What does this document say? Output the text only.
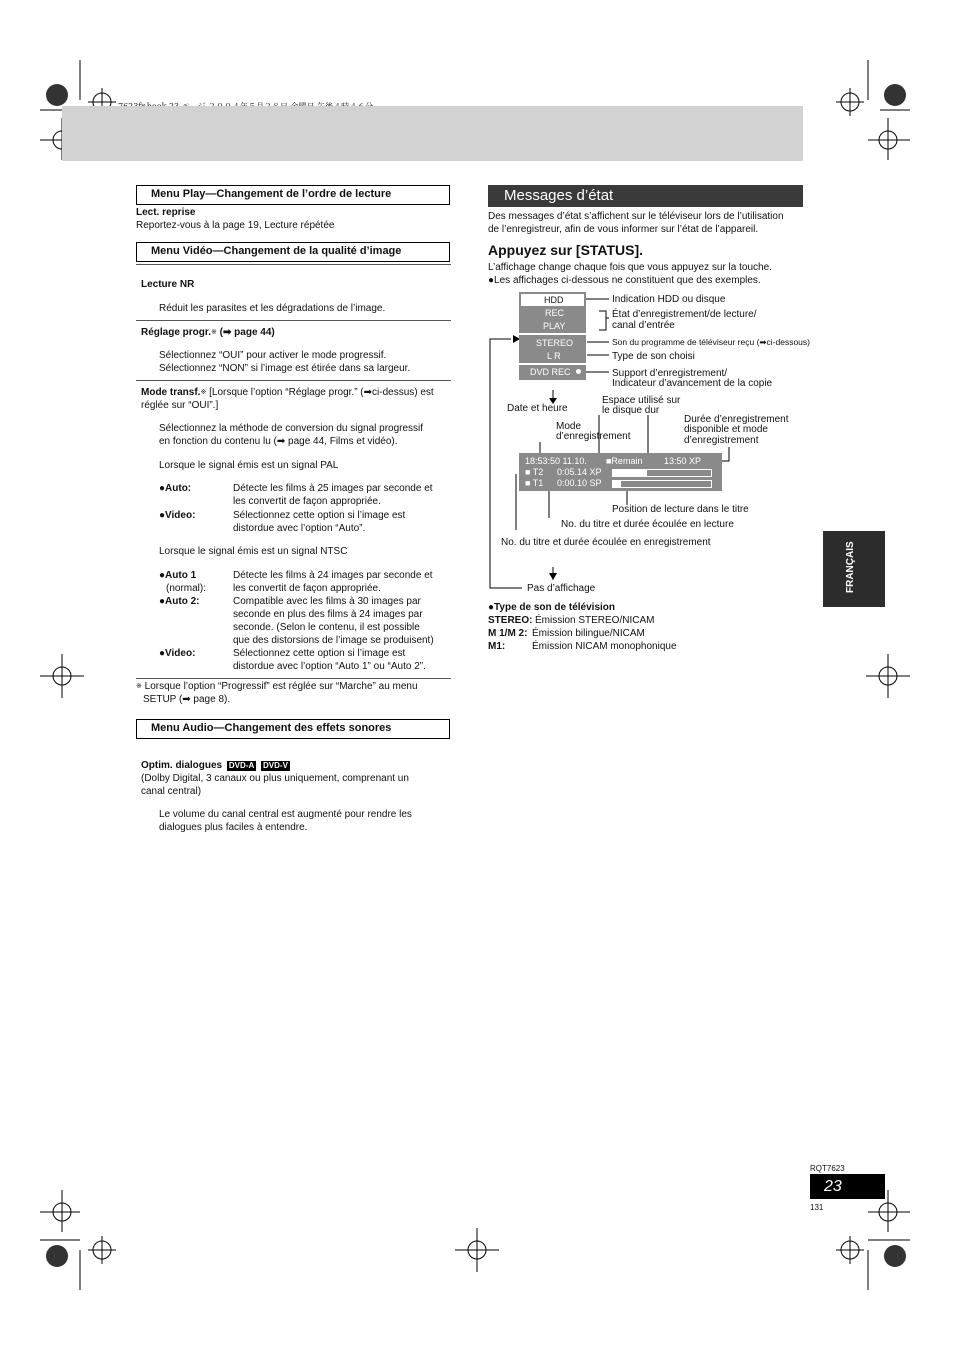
Menu Play—Changement de l’ordre de lecture
Lect. reprise
Reportez-vous à la page 19, Lecture répétée
Menu Vidéo—Changement de la qualité d’image
Lecture NR
Réduit les parasites et les dégradations de l’image.
Réglage progr.※ (➡ page 44)
Sélectionnez “OUI” pour activer le mode progressif.
Sélectionnez “NON” si l’image est étirée dans sa largeur.
Mode transf.※ [Lorsque l’option “Réglage progr.” (➡ci-dessus) est
réglée sur “OUI”.]
Sélectionnez la méthode de conversion du signal progressif
en fonction du contenu lu (➡ page 44, Films et vidéo).
Lorsque le signal émis est un signal PAL
●Auto:	Détecte les films à 25 images par seconde et
les convertit de façon appropriée.
●Video:	Sélectionnez cette option si l’image est
distordue avec l’option “Auto”.
Lorsque le signal émis est un signal NTSC
●Auto 1
(normal):
Détecte les films à 24 images par seconde et
les convertit de façon appropriée.
●Auto 2:	Compatible avec les films à 30 images par
seconde en plus des films à 24 images par
seconde. (Selon le contenu, il est possible
que des distorsions de l’image se produisent)
●Video:	Sélectionnez cette option si l’image est
distordue avec l’option “Auto 1” ou “Auto 2”.
※ Lorsque l’option “Progressif” est réglée sur “Marche” au menu
SETUP (➡ page 8).
Menu Audio—Changement des effets sonores
Optim. dialogues DVD-A DVD-V
(Dolby Digital, 3 canaux ou plus uniquement, comprenant un
canal central)
Le volume du canal central est augmenté pour rendre les
dialogues plus faciles à entendre.
Messages d’état
Des messages d’état s’affichent sur le téléviseur lors de l’utilisation
de l’enregistreur, afin de vous informer sur l’état de l’appareil.
Appuyez sur [STATUS].
L’affichage change chaque fois que vous appuyez sur la touche.
●Les affichages ci-dessous ne constituent que des exemples.
HDD
REC
PLAY
STEREO
L R
DVD REC
18:53:50 11.10. ■Remain 13:50 XP
■ T2 0:05.14 XP
■ T1 0:00.10 SP
Indication HDD ou disque
État d’enregistrement/de lecture/
canal d’entrée
Son du programme de téléviseur reçu (➡ci-dessous)
Type de son choisi
Support d’enregistrement/
Indicateur d’avancement de la copie
Espace utilisé sur
le disque dur
Date et heure
Durée d’enregistrement
disponible et mode
d’enregistrement
Mode
d’enregistrement
Position de lecture dans le titre
No. du titre et durée écoulée en lecture
No. du titre et durée écoulée en enregistrement
Pas d’affichage
●Type de son de télévision
STEREO: Émission STEREO/NICAM
M 1/M 2: Émission bilingue/NICAM
M1:	Émission NICAM monophonique
FRANÇAIS
RQT7623
23
131
